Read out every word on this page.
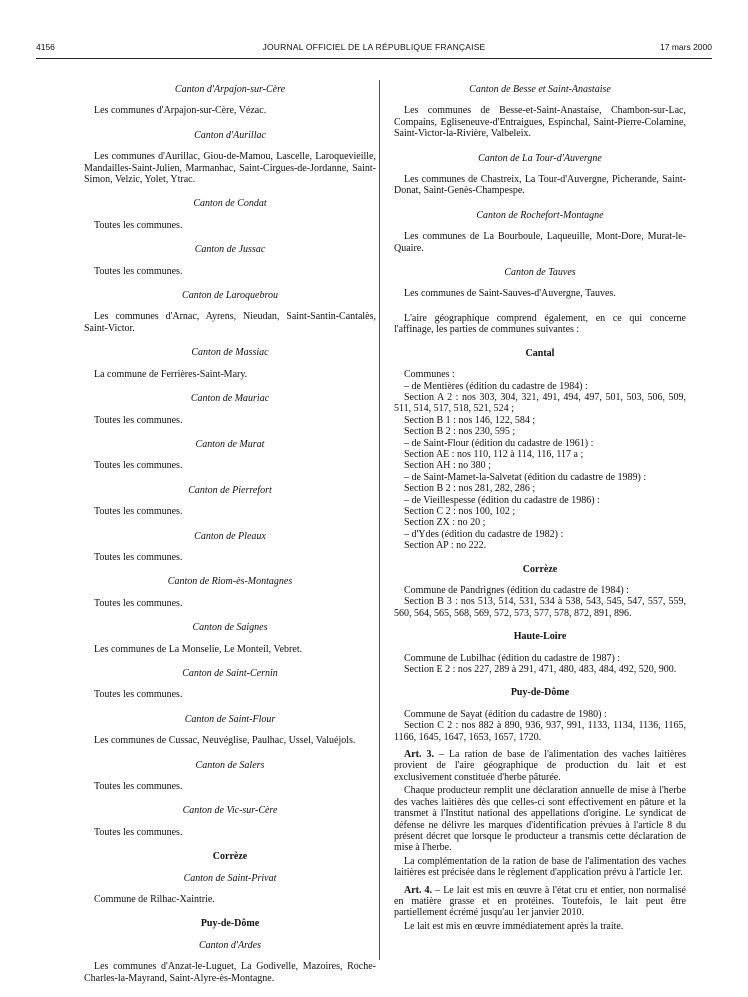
4156	JOURNAL OFFICIEL DE LA RÉPUBLIQUE FRANÇAISE	17 mars 2000
Canton d'Arpajon-sur-Cère
Les communes d'Arpajon-sur-Cère, Vézac.
Canton d'Aurillac
Les communes d'Aurillac, Giou-de-Mamou, Lascelle, Laroquevieille, Mandailles-Saint-Julien, Marmanhac, Saint-Cirgues-de-Jordanne, Saint-Simon, Velzic, Yolet, Ytrac.
Canton de Condat
Toutes les communes.
Canton de Jussac
Toutes les communes.
Canton de Laroquebrou
Les communes d'Arnac, Ayrens, Nieudan, Saint-Santin-Cantalès, Saint-Victor.
Canton de Massiac
La commune de Ferrières-Saint-Mary.
Canton de Mauriac
Toutes les communes.
Canton de Murat
Toutes les communes.
Canton de Pierrefort
Toutes les communes.
Canton de Pleaux
Toutes les communes.
Canton de Riom-ès-Montagnes
Toutes les communes.
Canton de Saignes
Les communes de La Monselie, Le Monteil, Vebret.
Canton de Saint-Cernin
Toutes les communes.
Canton de Saint-Flour
Les communes de Cussac, Neuvéglise, Paulhac, Ussel, Valuéjols.
Canton de Salers
Toutes les communes.
Canton de Vic-sur-Cère
Toutes les communes.
Corrèze
Canton de Saint-Privat
Commune de Rilhac-Xaintrie.
Puy-de-Dôme
Canton d'Ardes
Les communes d'Anzat-le-Luguet, La Godivelle, Mazoires, Roche-Charles-la-Mayrand, Saint-Alyre-ès-Montagne.
Canton de Besse et Saint-Anastaise
Les communes de Besse-et-Saint-Anastaise, Chambon-sur-Lac, Compains, Egliseneuve-d'Entraigues, Espinchal, Saint-Pierre-Colamine, Saint-Victor-la-Rivière, Valbeleix.
Canton de La Tour-d'Auvergne
Les communes de Chastreix, La Tour-d'Auvergne, Picherande, Saint-Donat, Saint-Genès-Champespe.
Canton de Rochefort-Montagne
Les communes de La Bourboule, Laqueuille, Mont-Dore, Murat-le-Quaire.
Canton de Tauves
Les communes de Saint-Sauves-d'Auvergne, Tauves.
L'aire géographique comprend également, en ce qui concerne l'affinage, les parties de communes suivantes :
Cantal
Communes :
– de Mentières (édition du cadastre de 1984) :
Section A 2 : nos 303, 304, 321, 491, 494, 497, 501, 503, 506, 509, 511, 514, 517, 518, 521, 524 ;
Section B 1 : nos 146, 122, 584 ;
Section B 2 : nos 230, 595 ;
– de Saint-Flour (édition du cadastre de 1961) :
Section AE : nos 110, 112 à 114, 116, 117 a ;
Section AH : no 380 ;
– de Saint-Mamet-la-Salvetat (édition du cadastre de 1989) :
Section B 2 : nos 281, 282, 286 ;
– de Vieillespesse (édition du cadastre de 1986) :
Section C 2 : nos 100, 102 ;
Section ZX : no 20 ;
– d'Ydes (édition du cadastre de 1982) :
Section AP : no 222.
Corrèze
Commune de Pandrignes (édition du cadastre de 1984) :
Section B 3 : nos 513, 514, 531, 534 à 538, 543, 545, 547, 557, 559, 560, 564, 565, 568, 569, 572, 573, 577, 578, 872, 891, 896.
Haute-Loire
Commune de Lubilhac (édition du cadastre de 1987) :
Section E 2 : nos 227, 289 à 291, 471, 480, 483, 484, 492, 520, 900.
Puy-de-Dôme
Commune de Sayat (édition du cadastre de 1980) :
Section C 2 : nos 882 à 890, 936, 937, 991, 1133, 1134, 1136, 1165, 1166, 1645, 1647, 1653, 1657, 1720.
Art. 3. – La ration de base de l'alimentation des vaches laitières provient de l'aire géographique de production du lait et est exclusivement constituée d'herbe pâturée.
Chaque producteur remplit une déclaration annuelle de mise à l'herbe des vaches laitières dès que celles-ci sont effectivement en pâture et la transmet à l'Institut national des appellations d'origine. Le syndicat de défense ne délivre les marques d'identification prévues à l'article 8 du présent décret que lorsque le producteur a transmis cette déclaration de mise à l'herbe.
La complémentation de la ration de base de l'alimentation des vaches laitières est précisée dans le règlement d'application prévu à l'article 1er.
Art. 4. – Le lait est mis en œuvre à l'état cru et entier, non normalisé en matière grasse et en protéines. Toutefois, le lait peut être partiellement écrémé jusqu'au 1er janvier 2010.
Le lait est mis en œuvre immédiatement après la traite.
